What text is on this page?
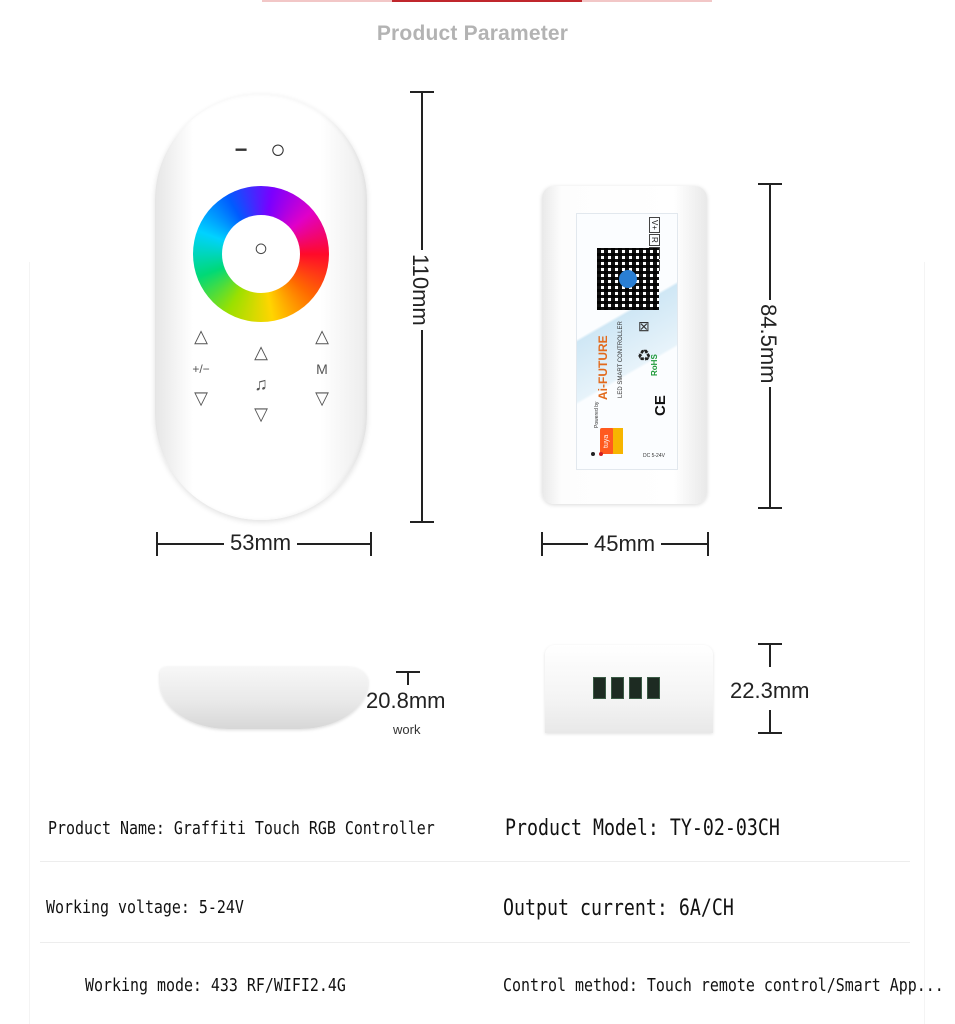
Product Parameter
− ○
○
△
+/−
▽
△
♫
▽
△
M
▽
110mm
53mm
V+
R
Ai-FUTURE LED SMART CONTROLLER
Powered by
tuya
⊠
♻
RoHS
CE
DC 5-24V
84.5mm
45mm
20.8mm
work
22.3mm
Product Name: Graffiti Touch RGB Controller	Product Model: TY-02-03CH
Working voltage: 5-24V	Output current: 6A/CH
Working mode: 433 RF/WIFI2.4G	Control method: Touch remote control/Smart App...
